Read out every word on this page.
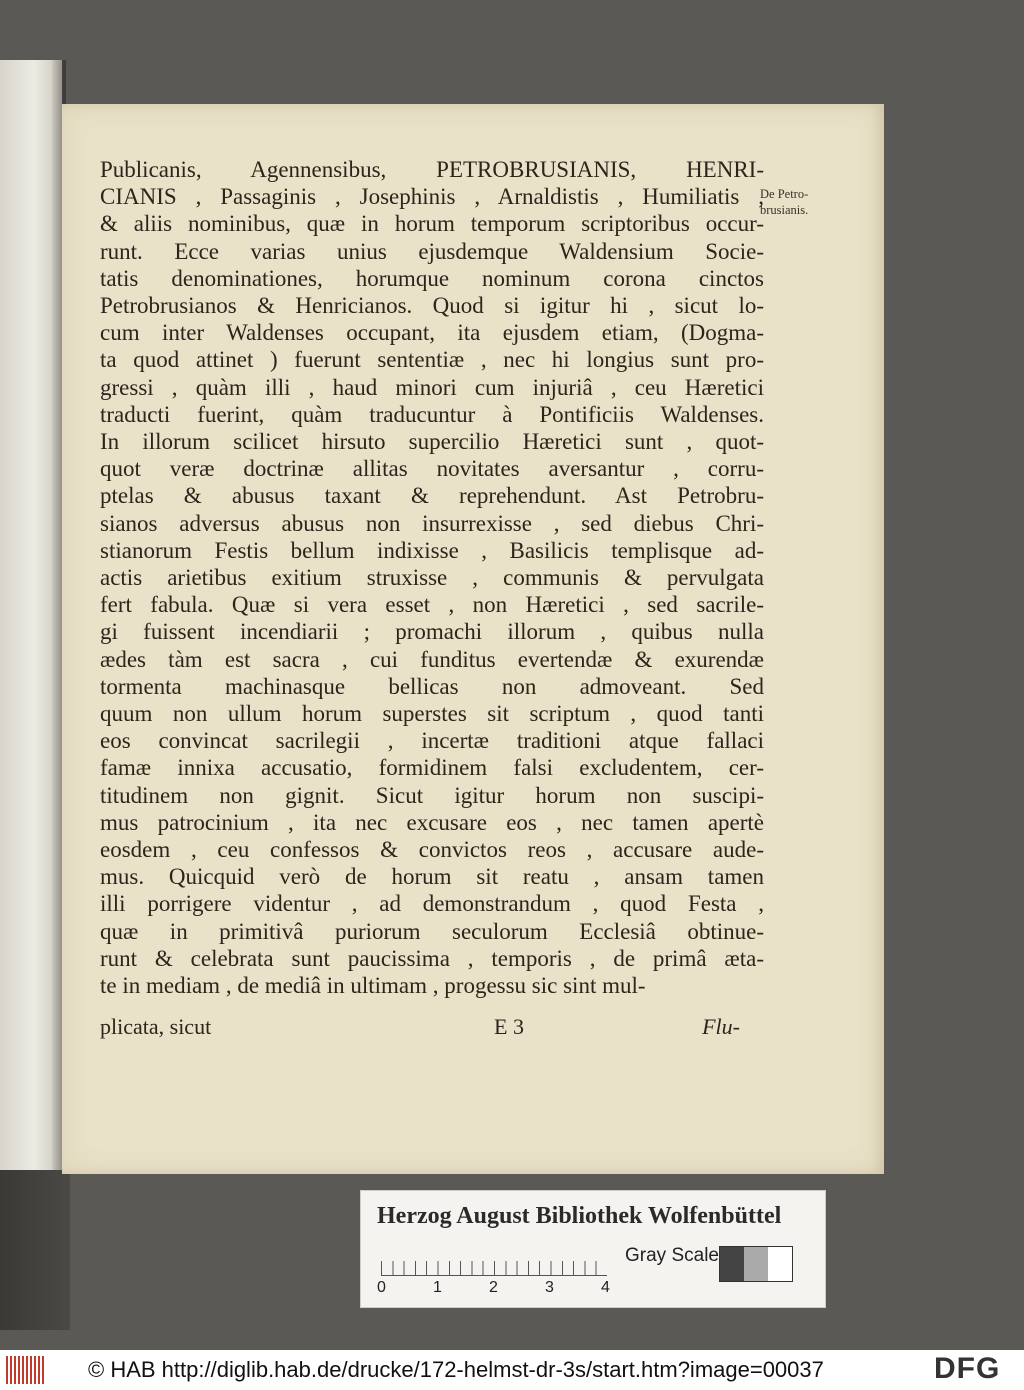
Publicanis, Agennensibus, PETROBRUSIANIS, HENRI-
CIANIS , Passaginis , Josephinis , Arnaldistis , Humiliatis ,
& aliis nominibus, quæ in horum temporum scriptoribus occur-
runt. Ecce varias unius ejusdemque Waldensium Socie-
tatis denominationes, horumque nominum corona cinctos
Petrobrusianos & Henricianos. Quod si igitur hi , sicut lo-
cum inter Waldenses occupant, ita ejusdem etiam, (Dogma-
ta quod attinet ) fuerunt sententiæ , nec hi longius sunt pro-
gressi , quàm illi , haud minori cum injuriâ , ceu Hæretici
traducti fuerint, quàm traducuntur à Pontificiis Waldenses.
In illorum scilicet hirsuto supercilio Hæretici sunt , quot-
quot veræ doctrinæ allitas novitates aversantur , corru-
ptelas & abusus taxant & reprehendunt. Ast Petrobru-
sianos adversus abusus non insurrexisse , sed diebus Chri-
stianorum Festis bellum indixisse , Basilicis templisque ad-
actis arietibus exitium struxisse , communis & pervulgata
fert fabula. Quæ si vera esset , non Hæretici , sed sacrile-
gi fuissent incendiarii ; promachi illorum , quibus nulla
ædes tàm est sacra , cui funditus evertendæ & exurendæ
tormenta machinasque bellicas non admoveant. Sed
quum non ullum horum superstes sit scriptum , quod tanti
eos convincat sacrilegii , incertæ traditioni atque fallaci
famæ innixa accusatio, formidinem falsi excludentem, cer-
titudinem non gignit. Sicut igitur horum non suscipi-
mus patrocinium , ita nec excusare eos , nec tamen apertè
eosdem , ceu confessos & convictos reos , accusare aude-
mus. Quicquid verò de horum sit reatu , ansam tamen
illi porrigere videntur , ad demonstrandum , quod Festa ,
quæ in primitivâ puriorum seculorum Ecclesiâ obtinue-
runt & celebrata sunt paucissima , temporis , de primâ æta-
te in mediam , de mediâ in ultimam , progessu sic sint mul-
De Petro-
brusianis.
plicata, sicut	E 3	Flu-
Herzog August Bibliothek Wolfenbüttel
0	1	2	3	4
Gray Scale
© HAB http://diglib.hab.de/drucke/172-helmst-dr-3s/start.htm?image=00037	DFG
